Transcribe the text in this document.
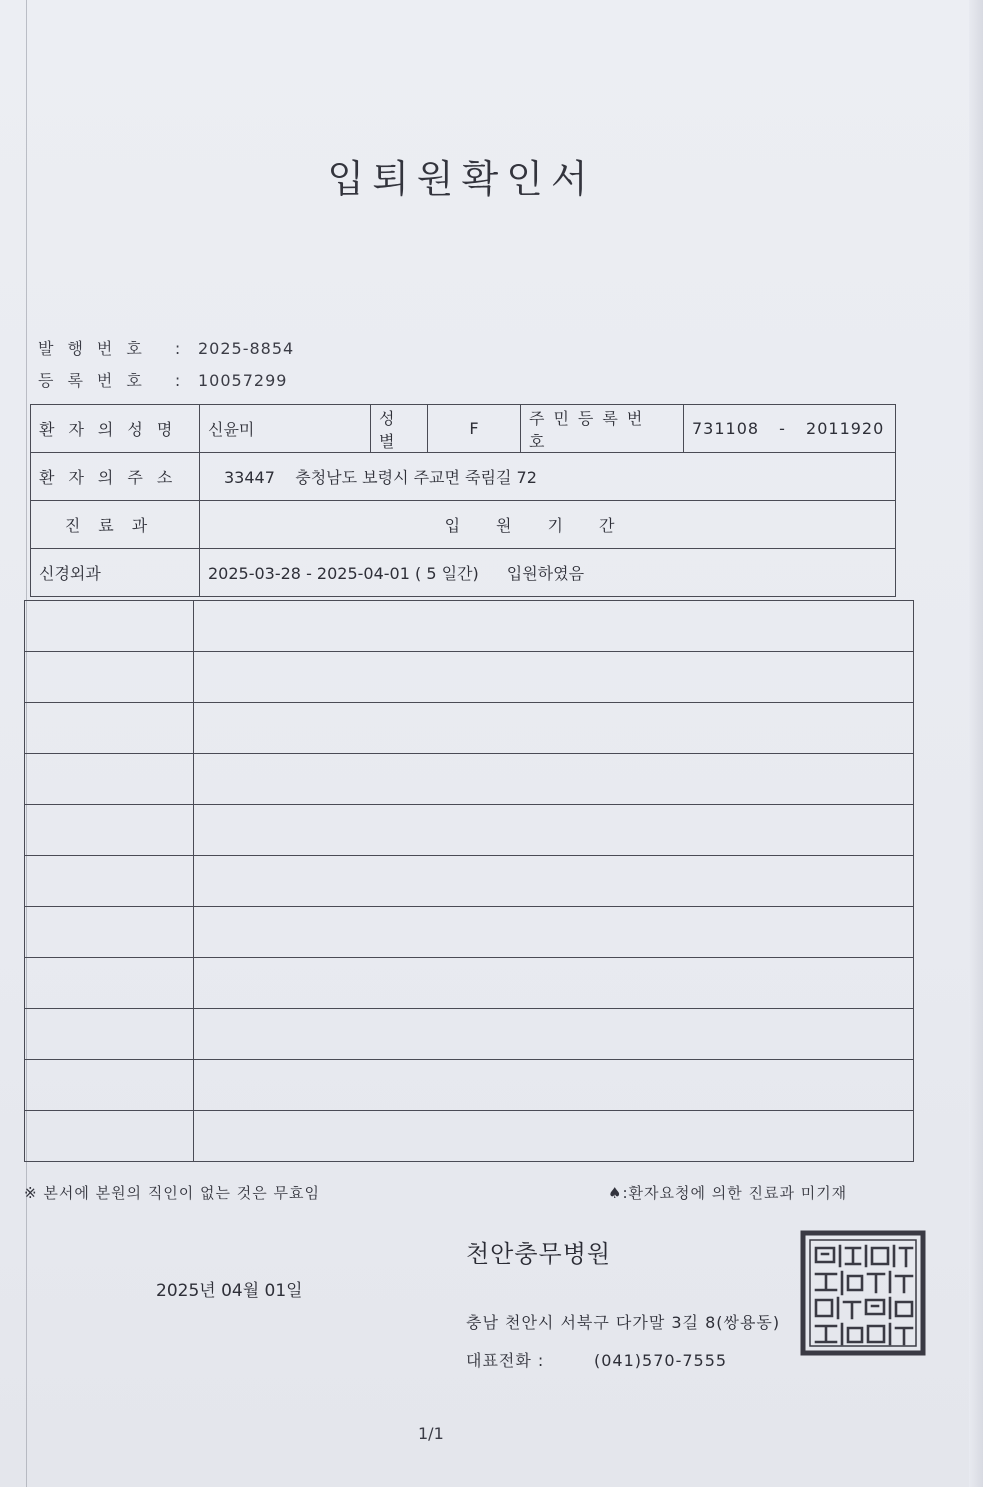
입퇴원확인서
발행번호 : 2025-8854
등록번호 : 10057299
환자의성명	신윤미	성별	F	주민등록번호	731108 - 2011920
환자의주소	33447    충청남도 보령시 주교면 죽림길 72				
진료과	입원기간				
신경외과	2025-03-28 - 2025-04-01 ( 5 일간) 입원하였음				

※ 본서에 본원의 직인이 없는 것은 무효임	♠:환자요청에 의한 진료과 미기재
천안충무병원
2025년 04월 01일
충남 천안시 서북구 다가말 3길 8(쌍용동)
대표전화 :	(041)570-7555
1/1
